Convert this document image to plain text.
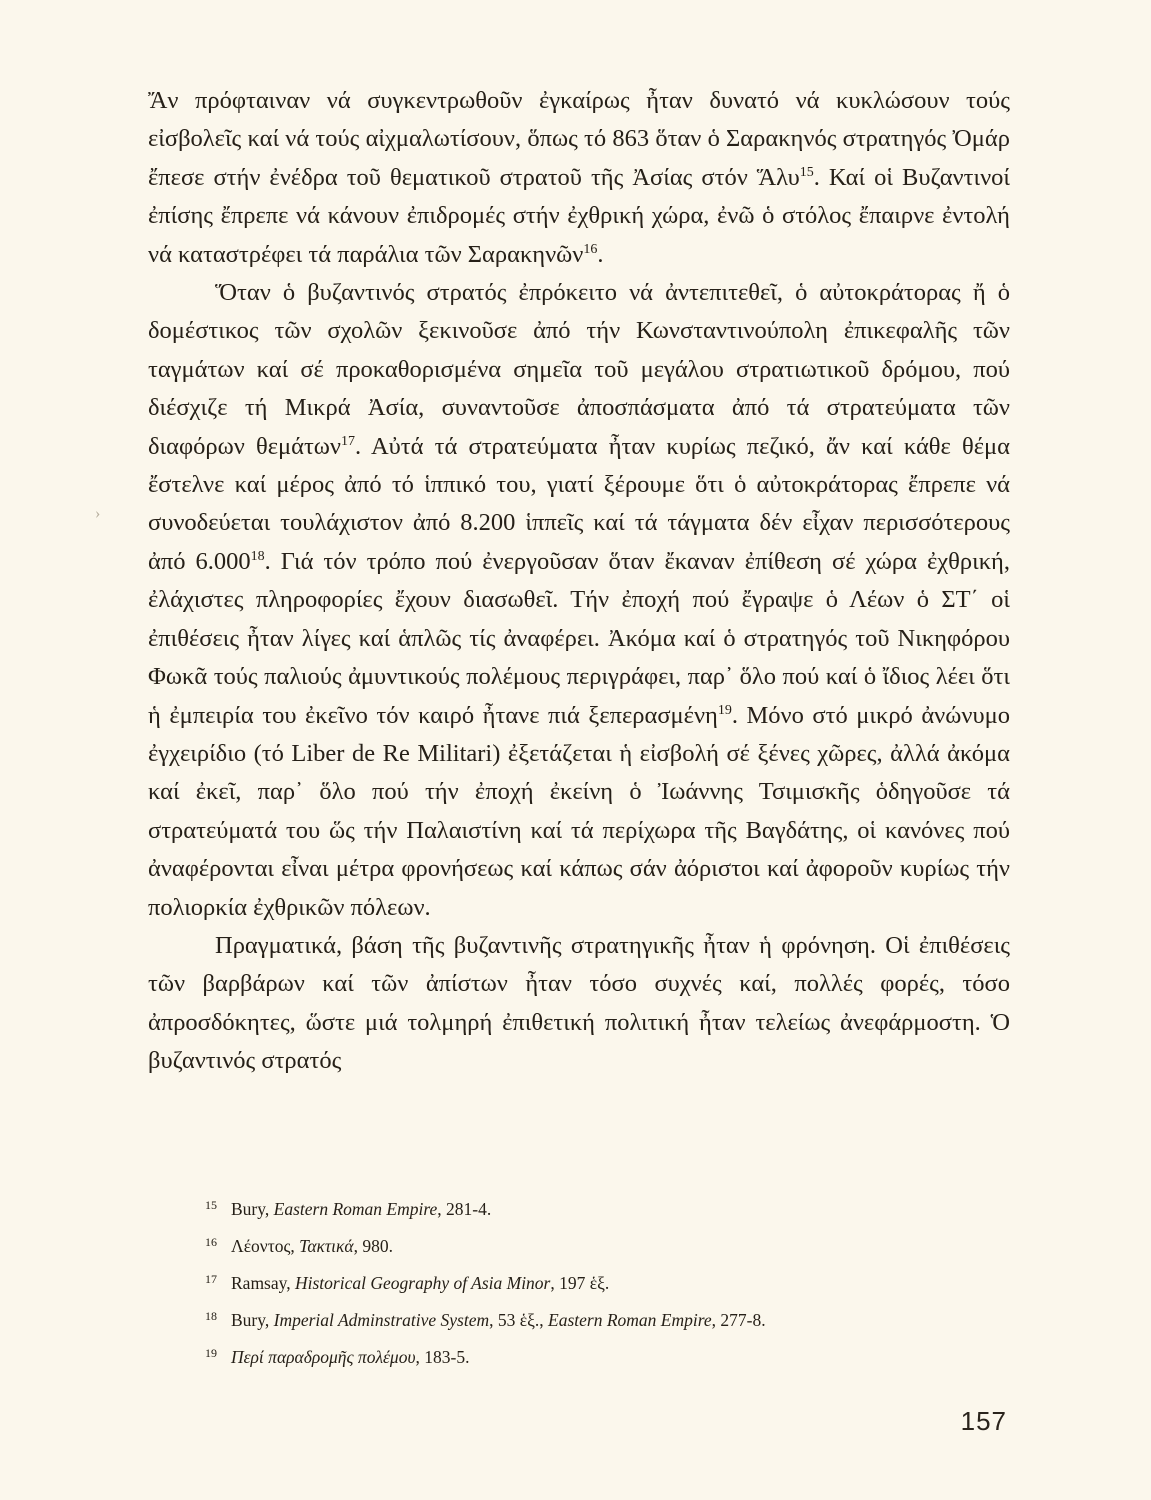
›

Ἄν πρόφταιναν νά συγκεντρωθοῦν ἐγκαίρως ἦταν δυνατό νά κυκλώσουν τούς εἰσβολεῖς καί νά τούς αἰχμαλωτίσουν, ὅπως τό 863 ὅταν ὁ Σαρακηνός στρατηγός Ὀμάρ ἔπεσε στήν ἐνέδρα τοῦ θεματικοῦ στρατοῦ τῆς Ἀσίας στόν Ἅλυ$^{15}$. Καί οἱ Βυζαντινοί ἐπίσης ἔπρεπε νά κάνουν ἐπιδρομές στήν ἐχθρική χώρα, ἐνῶ ὁ στόλος ἔπαιρνε ἐντολή νά καταστρέφει τά παράλια τῶν Σαρακηνῶν$^{16}$.

Ὅταν ὁ βυζαντινός στρατός ἐπρόκειτο νά ἀντεπιτεθεῖ, ὁ αὐτοκράτορας ἤ ὁ δομέστικος τῶν σχολῶν ξεκινοῦσε ἀπό τήν Κωνσταντινούπολη ἐπικεφαλῆς τῶν ταγμάτων καί σέ προκαθορισμένα σημεῖα τοῦ μεγάλου στρατιωτικοῦ δρόμου, πού διέσχιζε τή Μικρά Ἀσία, συναντοῦσε ἀποσπάσματα ἀπό τά στρατεύματα τῶν διαφόρων θεμάτων$^{17}$. Αὐτά τά στρατεύματα ἦταν κυρίως πεζικό, ἄν καί κάθε θέμα ἔστελνε καί μέρος ἀπό τό ἱππικό του, γιατί ξέρουμε ὅτι ὁ αὐτοκράτορας ἔπρεπε νά συνοδεύεται τουλάχιστον ἀπό 8.200 ἱππεῖς καί τά τάγματα δέν εἶχαν περισσότερους ἀπό 6.000$^{18}$. Γιά τόν τρόπο πού ἐνεργοῦσαν ὅταν ἔκαναν ἐπίθεση σέ χώρα ἐχθρική, ἐλάχιστες πληροφορίες ἔχουν διασωθεῖ. Τήν ἐποχή πού ἔγραψε ὁ Λέων ὁ ΣΤ΄ οἱ ἐπιθέσεις ἦταν λίγες καί ἁπλῶς τίς ἀναφέρει. Ἀκόμα καί ὁ στρατηγός τοῦ Νικηφόρου Φωκᾶ τούς παλιούς ἀμυντικούς πολέμους περιγράφει, παρ᾽ ὅλο πού καί ὁ ἴδιος λέει ὅτι ἡ ἐμπειρία του ἐκεῖνο τόν καιρό ἦτανε πιά ξεπερασμένη$^{19}$. Μόνο στό μικρό ἀνώνυμο ἐγχειρίδιο (τό Liber de Re Militari) ἐξετάζεται ἡ εἰσβολή σέ ξένες χῶρες, ἀλλά ἀκόμα καί ἐκεῖ, παρ᾽ ὅλο πού τήν ἐποχή ἐκείνη ὁ Ἰωάννης Τσιμισκῆς ὁδηγοῦσε τά στρατεύματά του ὥς τήν Παλαιστίνη καί τά περίχωρα τῆς Βαγδάτης, οἱ κανόνες πού ἀναφέρονται εἶναι μέτρα φρονήσεως καί κάπως σάν ἀόριστοι καί ἀφοροῦν κυρίως τήν πολιορκία ἐχθρικῶν πόλεων.

Πραγματικά, βάση τῆς βυζαντινῆς στρατηγικῆς ἦταν ἡ φρόνηση. Οἱ ἐπιθέσεις τῶν βαρβάρων καί τῶν ἀπίστων ἦταν τόσο συχνές καί, πολλές φορές, τόσο ἀπροσδόκητες, ὥστε μιά τολμηρή ἐπιθετική πολιτική ἦταν τελείως ἀνεφάρμοστη. Ὁ βυζαντινός στρατός

15 Bury, Eastern Roman Empire, 281-4.
16 Λέοντος, Τακτικά, 980.
17 Ramsay, Historical Geography of Asia Minor, 197 ἑξ.
18 Bury, Imperial Adminstrative System, 53 ἑξ., Eastern Roman Empire, 277-8.
19 Περί παραδρομῆς πολέμου, 183-5.
157
